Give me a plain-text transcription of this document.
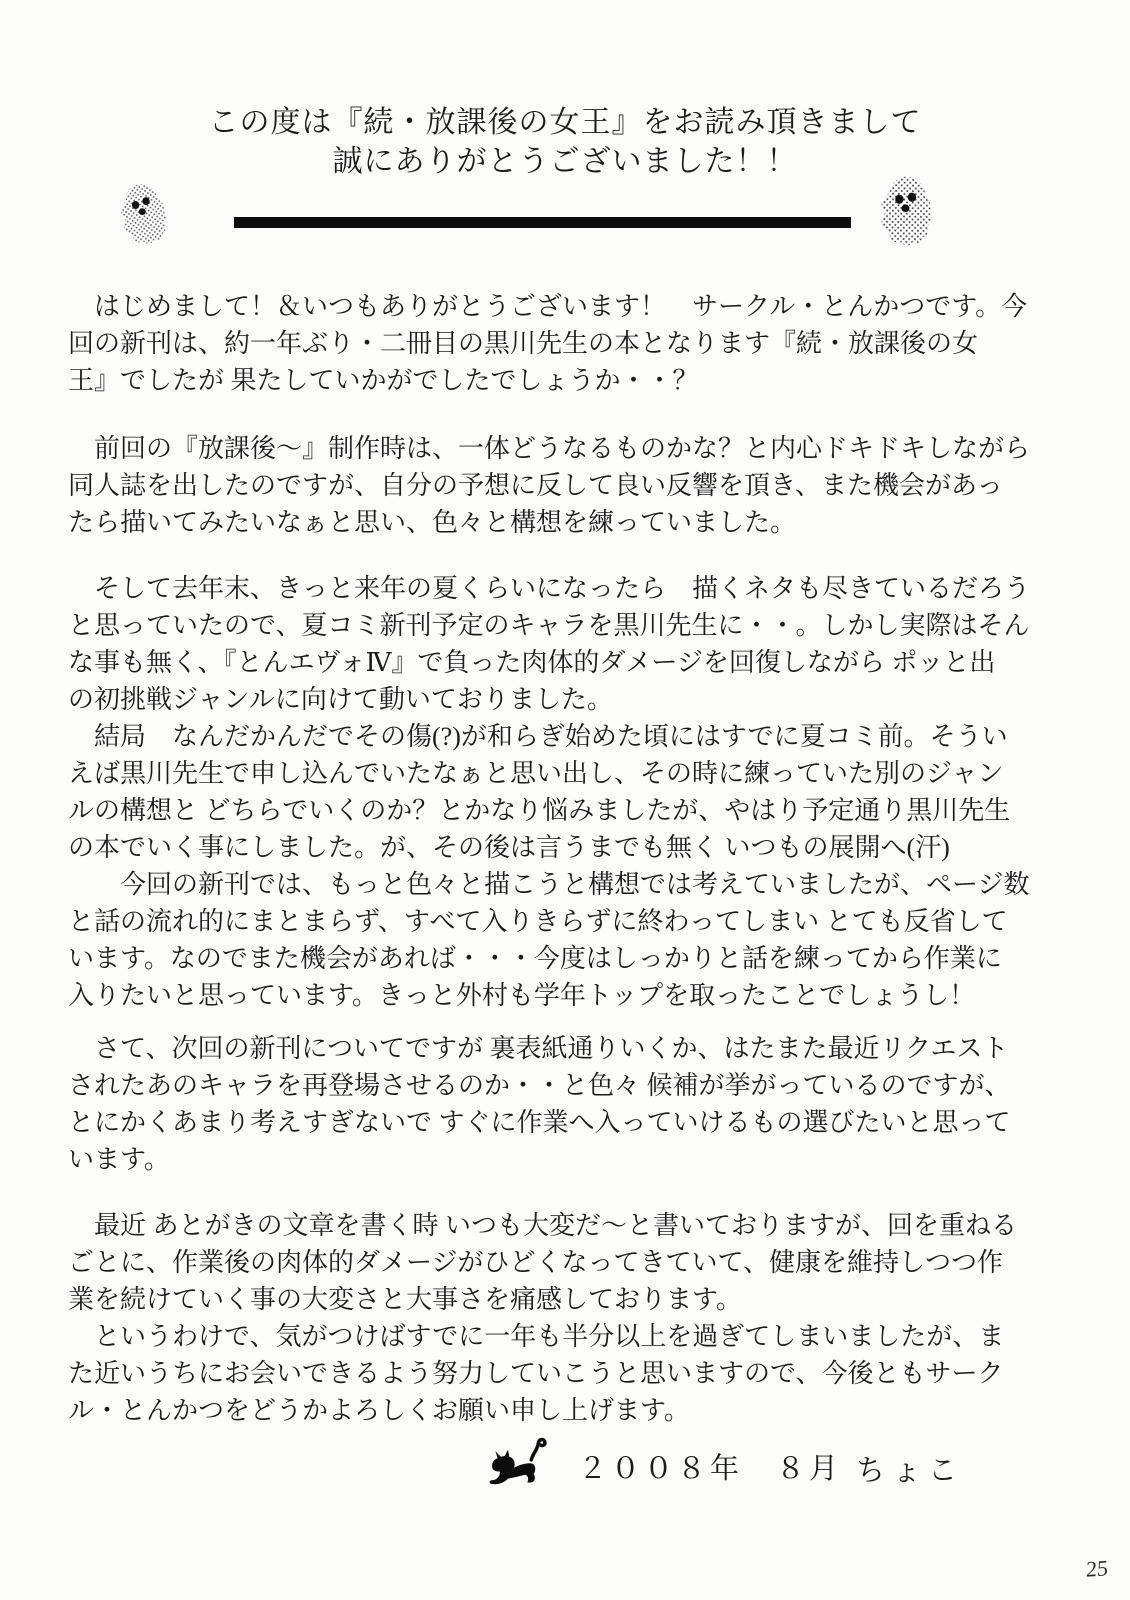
この度は『続・放課後の女王』をお読み頂きまして
誠にありがとうございました！！
　はじめまして！＆いつもありがとうございます！　サークル・とんかつです。今
回の新刊は、約一年ぶり・二冊目の黒川先生の本となります『続・放課後の女
王』でしたが 果たしていかがでしたでしょうか・・？
　前回の『放課後～』制作時は、一体どうなるものかな？と内心ドキドキしながら
同人誌を出したのですが、自分の予想に反して良い反響を頂き、また機会があっ
たら描いてみたいなぁと思い、色々と構想を練っていました。
　そして去年末、きっと来年の夏くらいになったら　描くネタも尽きているだろう
と思っていたので、夏コミ新刊予定のキャラを黒川先生に・・。しかし実際はそん
な事も無く、『とんエヴォⅣ』で負った肉体的ダメージを回復しながら ポッと出
の初挑戦ジャンルに向けて動いておりました。
　結局　なんだかんだでその傷(?)が和らぎ始めた頃にはすでに夏コミ前。そうい
えば黒川先生で申し込んでいたなぁと思い出し、その時に練っていた別のジャン
ルの構想と どちらでいくのか？とかなり悩みましたが、やはり予定通り黒川先生
の本でいく事にしました。が、その後は言うまでも無く いつもの展開へ(汗)
　　今回の新刊では、もっと色々と描こうと構想では考えていましたが、ページ数
と話の流れ的にまとまらず、すべて入りきらずに終わってしまい とても反省して
います。なのでまた機会があれば・・・今度はしっかりと話を練ってから作業に
入りたいと思っています。きっと外村も学年トップを取ったことでしょうし！
　さて、次回の新刊についてですが 裏表紙通りいくか、はたまた最近リクエスト
されたあのキャラを再登場させるのか・・と色々 候補が挙がっているのですが、
とにかくあまり考えすぎないで すぐに作業へ入っていけるもの選びたいと思って
います。
　最近 あとがきの文章を書く時 いつも大変だ～と書いておりますが、回を重ねる
ごとに、作業後の肉体的ダメージがひどくなってきていて、健康を維持しつつ作
業を続けていく事の大変さと大事さを痛感しております。
　というわけで、気がつけばすでに一年も半分以上を過ぎてしまいましたが、ま
た近いうちにお会いできるよう努力していこうと思いますので、今後ともサーク
ル・とんかつをどうかよろしくお願い申し上げます。
２００８年　８月 ちょこ
25
